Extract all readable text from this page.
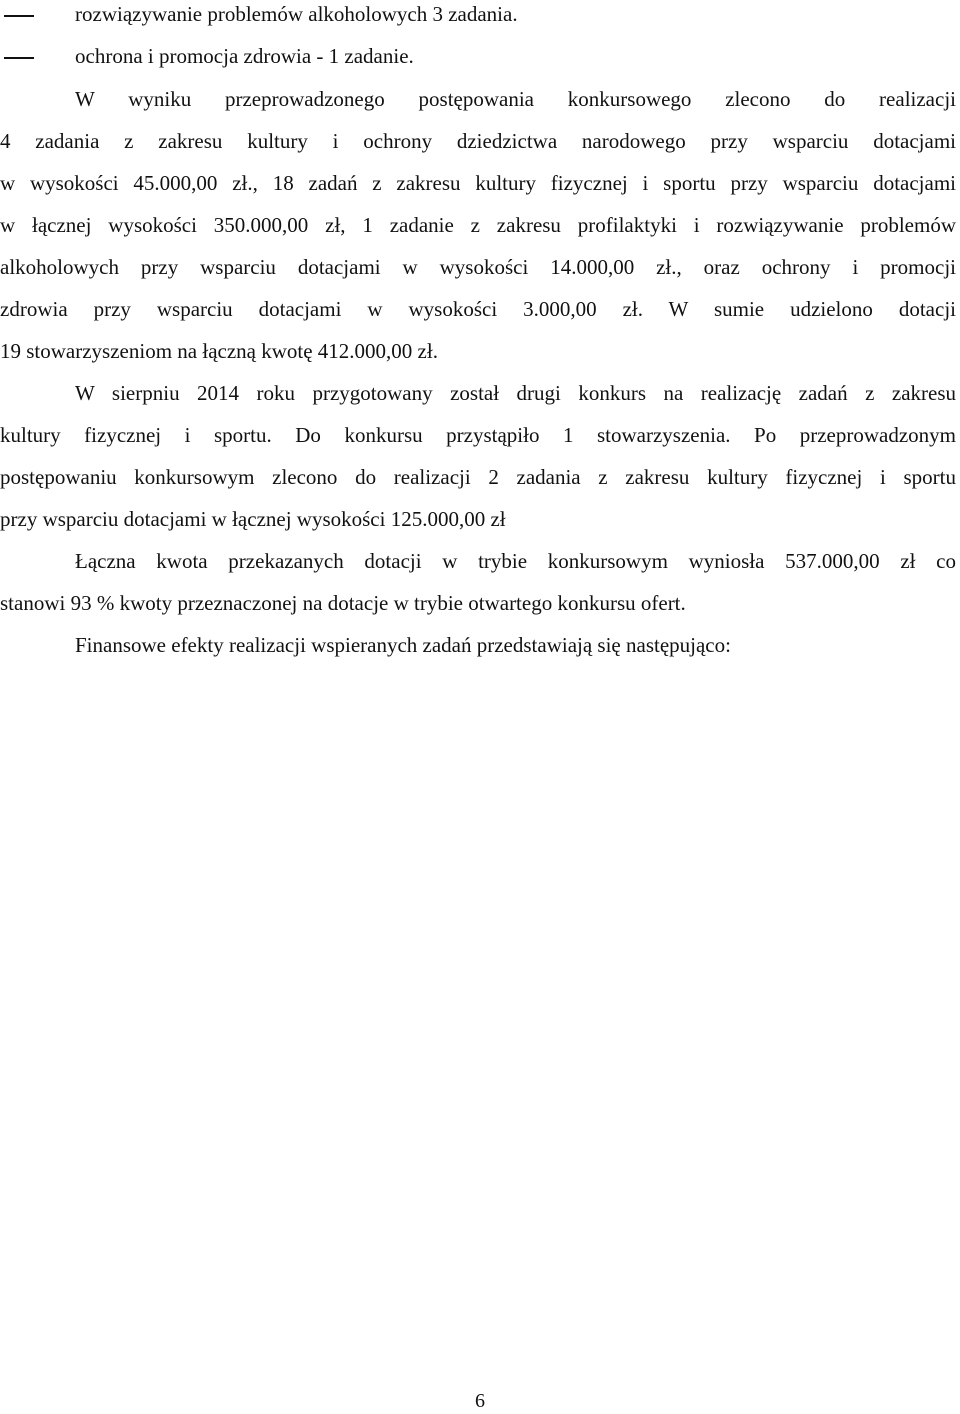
rozwiązywanie problemów alkoholowych 3 zadania.
ochrona i promocja zdrowia - 1 zadanie.
W wyniku przeprowadzonego postępowania konkursowego zlecono do realizacji
4 zadania z zakresu kultury i ochrony dziedzictwa narodowego przy wsparciu dotacjami
w wysokości 45.000,00 zł., 18 zadań z zakresu kultury fizycznej i sportu przy wsparciu dotacjami
w łącznej wysokości 350.000,00 zł, 1 zadanie z zakresu profilaktyki i rozwiązywanie problemów
alkoholowych przy wsparciu dotacjami w wysokości 14.000,00 zł., oraz ochrony i promocji
zdrowia przy wsparciu dotacjami w wysokości 3.000,00 zł. W sumie udzielono dotacji
19 stowarzyszeniom na łączną kwotę 412.000,00 zł.
W sierpniu 2014 roku przygotowany został drugi konkurs na realizację zadań z zakresu
kultury fizycznej i sportu. Do konkursu przystąpiło 1 stowarzyszenia. Po przeprowadzonym
postępowaniu konkursowym zlecono do realizacji 2 zadania z zakresu kultury fizycznej i sportu
przy wsparciu dotacjami w łącznej wysokości 125.000,00 zł
Łączna kwota przekazanych dotacji w trybie konkursowym wyniosła 537.000,00 zł co
stanowi 93 % kwoty przeznaczonej na dotacje w trybie otwartego konkursu ofert.
Finansowe efekty realizacji wspieranych zadań przedstawiają się następująco:
6
